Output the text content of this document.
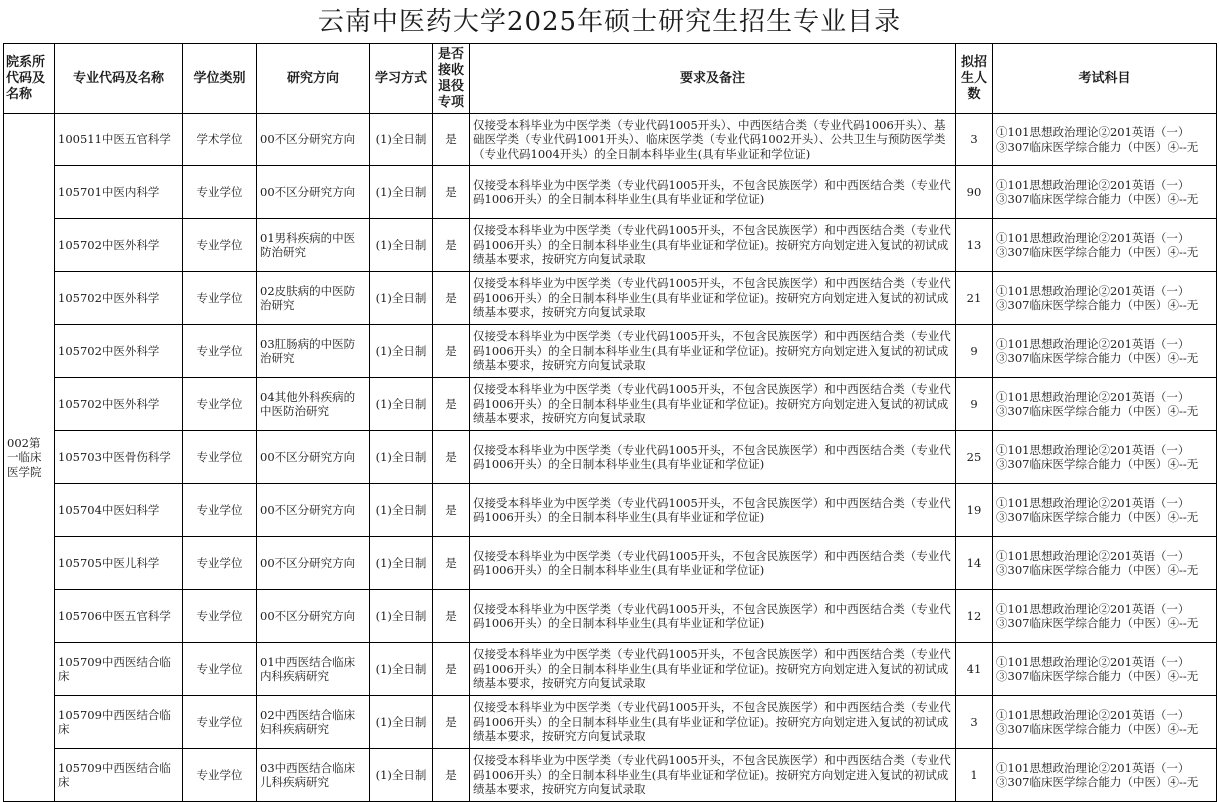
云南中医药大学2025年硕士研究生招生专业目录
院系所代码及名称	专业代码及名称	学位类别	研究方向	学习方式	是否接收退役专项	要求及备注	拟招生人数	考试科目
002第一临床医学院	100511中医五官科学	学术学位	00不区分研究方向	(1)全日制	是	仅接受本科毕业为中医学类（专业代码1005开头）、中西医结合类（专业代码1006开头）、基础医学类（专业代码1001开头）、临床医学类（专业代码1002开头）、公共卫生与预防医学类（专业代码1004开头）的全日制本科毕业生(具有毕业证和学位证)	3	①101思想政治理论②201英语（一）③307临床医学综合能力（中医）④--无
	105701中医内科学	专业学位	00不区分研究方向	(1)全日制	是	仅接受本科毕业为中医学类（专业代码1005开头，不包含民族医学）和中西医结合类（专业代码1006开头）的全日制本科毕业生(具有毕业证和学位证)	90	①101思想政治理论②201英语（一）③307临床医学综合能力（中医）④--无
	105702中医外科学	专业学位	01男科疾病的中医防治研究	(1)全日制	是	仅接受本科毕业为中医学类（专业代码1005开头，不包含民族医学）和中西医结合类（专业代码1006开头）的全日制本科毕业生(具有毕业证和学位证)。按研究方向划定进入复试的初试成绩基本要求，按研究方向复试录取	13	①101思想政治理论②201英语（一）③307临床医学综合能力（中医）④--无
	105702中医外科学	专业学位	02皮肤病的中医防治研究	(1)全日制	是	仅接受本科毕业为中医学类（专业代码1005开头，不包含民族医学）和中西医结合类（专业代码1006开头）的全日制本科毕业生(具有毕业证和学位证)。按研究方向划定进入复试的初试成绩基本要求，按研究方向复试录取	21	①101思想政治理论②201英语（一）③307临床医学综合能力（中医）④--无
	105702中医外科学	专业学位	03肛肠病的中医防治研究	(1)全日制	是	仅接受本科毕业为中医学类（专业代码1005开头，不包含民族医学）和中西医结合类（专业代码1006开头）的全日制本科毕业生(具有毕业证和学位证)。按研究方向划定进入复试的初试成绩基本要求，按研究方向复试录取	9	①101思想政治理论②201英语（一）③307临床医学综合能力（中医）④--无
	105702中医外科学	专业学位	04其他外科疾病的中医防治研究	(1)全日制	是	仅接受本科毕业为中医学类（专业代码1005开头，不包含民族医学）和中西医结合类（专业代码1006开头）的全日制本科毕业生(具有毕业证和学位证)。按研究方向划定进入复试的初试成绩基本要求，按研究方向复试录取	9	①101思想政治理论②201英语（一）③307临床医学综合能力（中医）④--无
	105703中医骨伤科学	专业学位	00不区分研究方向	(1)全日制	是	仅接受本科毕业为中医学类（专业代码1005开头，不包含民族医学）和中西医结合类（专业代码1006开头）的全日制本科毕业生(具有毕业证和学位证)	25	①101思想政治理论②201英语（一）③307临床医学综合能力（中医）④--无
	105704中医妇科学	专业学位	00不区分研究方向	(1)全日制	是	仅接受本科毕业为中医学类（专业代码1005开头，不包含民族医学）和中西医结合类（专业代码1006开头）的全日制本科毕业生(具有毕业证和学位证)	19	①101思想政治理论②201英语（一）③307临床医学综合能力（中医）④--无
	105705中医儿科学	专业学位	00不区分研究方向	(1)全日制	是	仅接受本科毕业为中医学类（专业代码1005开头，不包含民族医学）和中西医结合类（专业代码1006开头）的全日制本科毕业生(具有毕业证和学位证)	14	①101思想政治理论②201英语（一）③307临床医学综合能力（中医）④--无
	105706中医五官科学	专业学位	00不区分研究方向	(1)全日制	是	仅接受本科毕业为中医学类（专业代码1005开头，不包含民族医学）和中西医结合类（专业代码1006开头）的全日制本科毕业生(具有毕业证和学位证)	12	①101思想政治理论②201英语（一）③307临床医学综合能力（中医）④--无
	105709中西医结合临床	专业学位	01中西医结合临床内科疾病研究	(1)全日制	是	仅接受本科毕业为中医学类（专业代码1005开头，不包含民族医学）和中西医结合类（专业代码1006开头）的全日制本科毕业生(具有毕业证和学位证)。按研究方向划定进入复试的初试成绩基本要求，按研究方向复试录取	41	①101思想政治理论②201英语（一）③307临床医学综合能力（中医）④--无
	105709中西医结合临床	专业学位	02中西医结合临床妇科疾病研究	(1)全日制	是	仅接受本科毕业为中医学类（专业代码1005开头，不包含民族医学）和中西医结合类（专业代码1006开头）的全日制本科毕业生(具有毕业证和学位证)。按研究方向划定进入复试的初试成绩基本要求，按研究方向复试录取	3	①101思想政治理论②201英语（一）③307临床医学综合能力（中医）④--无
	105709中西医结合临床	专业学位	03中西医结合临床儿科疾病研究	(1)全日制	是	仅接受本科毕业为中医学类（专业代码1005开头，不包含民族医学）和中西医结合类（专业代码1006开头）的全日制本科毕业生(具有毕业证和学位证)。按研究方向划定进入复试的初试成绩基本要求，按研究方向复试录取	1	①101思想政治理论②201英语（一）③307临床医学综合能力（中医）④--无
